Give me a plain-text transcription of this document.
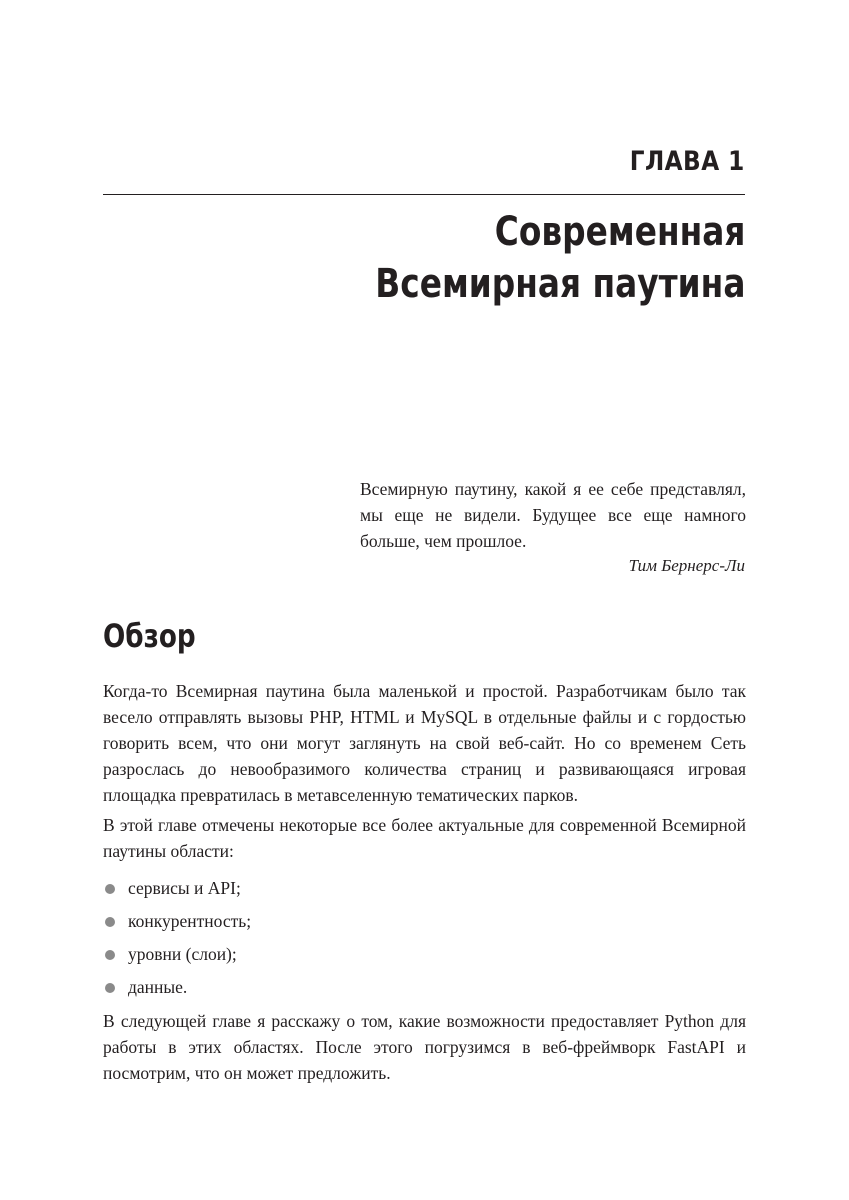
ГЛАВА 1
Современная
Всемирная паутина
Всемирную паутину, какой я ее себе представлял, мы еще не видели. Будущее все еще намного больше, чем прошлое.
Тим Бернерс-Ли
Обзор

Когда-то Всемирная паутина была маленькой и простой. Разработчикам было так весело отправлять вызовы PHP, HTML и MySQL в отдельные файлы и с гордостью говорить всем, что они могут заглянуть на свой веб-сайт. Но со временем Сеть разрослась до невообразимого количества страниц и развивающаяся игровая площадка превратилась в метавселенную тематических парков.

В этой главе отмечены некоторые все более актуальные для современной Всемирной паутины области:

сервисы и API;
конкурентность;
уровни (слои);
данные.

В следующей главе я расскажу о том, какие возможности предоставляет Python для работы в этих областях. После этого погрузимся в веб-фреймворк FastAPI и посмотрим, что он может предложить.
